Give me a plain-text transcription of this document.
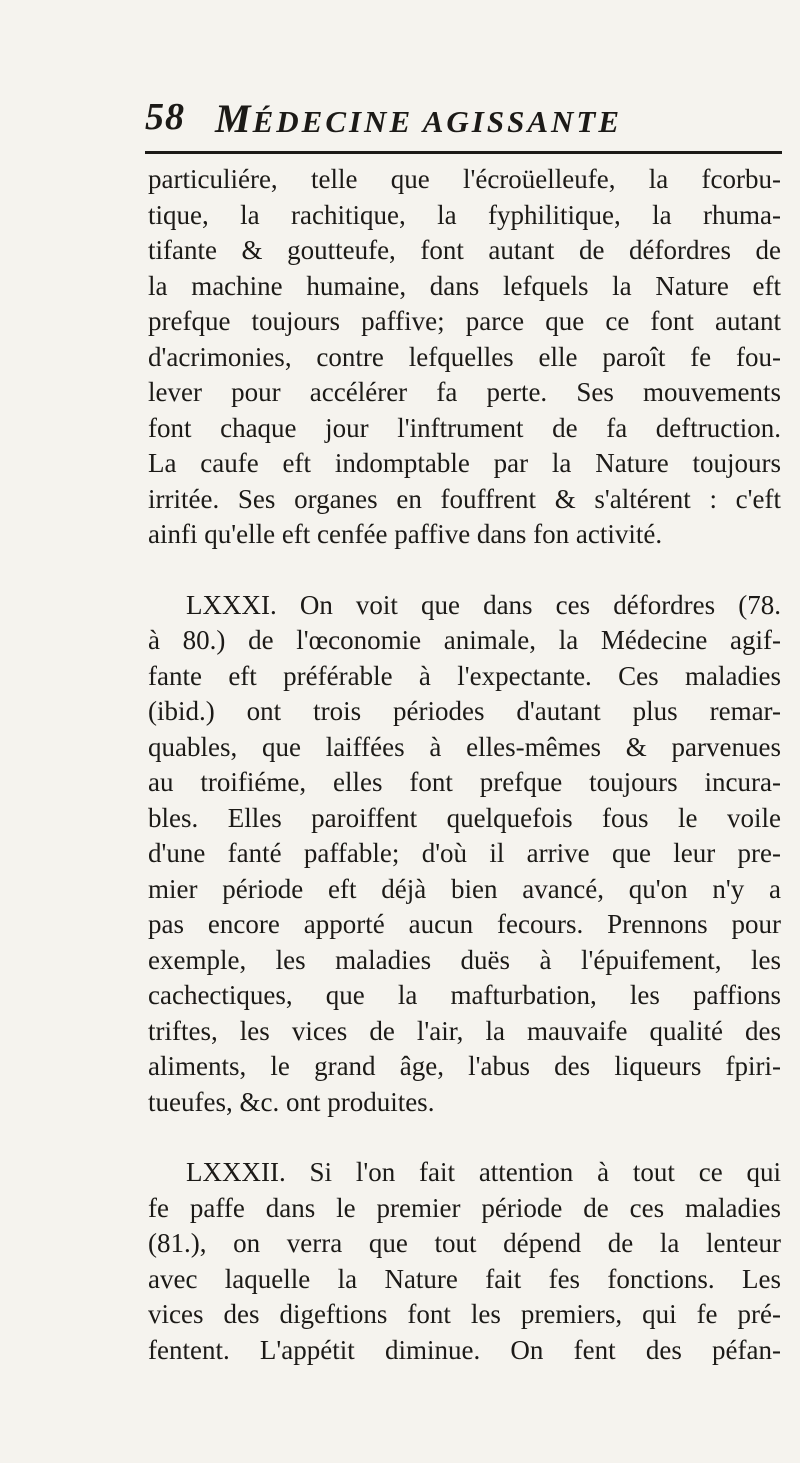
58 MÉDECINE AGISSANTE
particuliére, telle que l'écroüelleufe, la fcorbu-
tique, la rachitique, la fyphilitique, la rhuma-
tifante & goutteufe, font autant de défordres de
la machine humaine, dans lefquels la Nature eft
prefque toujours paffive; parce que ce font autant
d'acrimonies, contre lefquelles elle paroît fe fou-
lever pour accélérer fa perte. Ses mouvements
font chaque jour l'inftrument de fa deftruction.
La caufe eft indomptable par la Nature toujours
irritée. Ses organes en fouffrent & s'altérent : c'eft
ainfi qu'elle eft cenfée paffive dans fon activité.
LXXXI. On voit que dans ces défordres (78.
à 80.) de l'œconomie animale, la Médecine agif-
fante eft préférable à l'expectante. Ces maladies
(ibid.) ont trois périodes d'autant plus remar-
quables, que laiffées à elles-mêmes & parvenues
au troifiéme, elles font prefque toujours incura-
bles. Elles paroiffent quelquefois fous le voile
d'une fanté paffable; d'où il arrive que leur pre-
mier période eft déjà bien avancé, qu'on n'y a
pas encore apporté aucun fecours. Prennons pour
exemple, les maladies duës à l'épuifement, les
cachectiques, que la mafturbation, les paffions
triftes, les vices de l'air, la mauvaife qualité des
aliments, le grand âge, l'abus des liqueurs fpiri-
tueufes, &c. ont produites.
LXXXII. Si l'on fait attention à tout ce qui
fe paffe dans le premier période de ces maladies
(81.), on verra que tout dépend de la lenteur
avec laquelle la Nature fait fes fonctions. Les
vices des digeftions font les premiers, qui fe pré-
fentent. L'appétit diminue. On fent des péfan-
